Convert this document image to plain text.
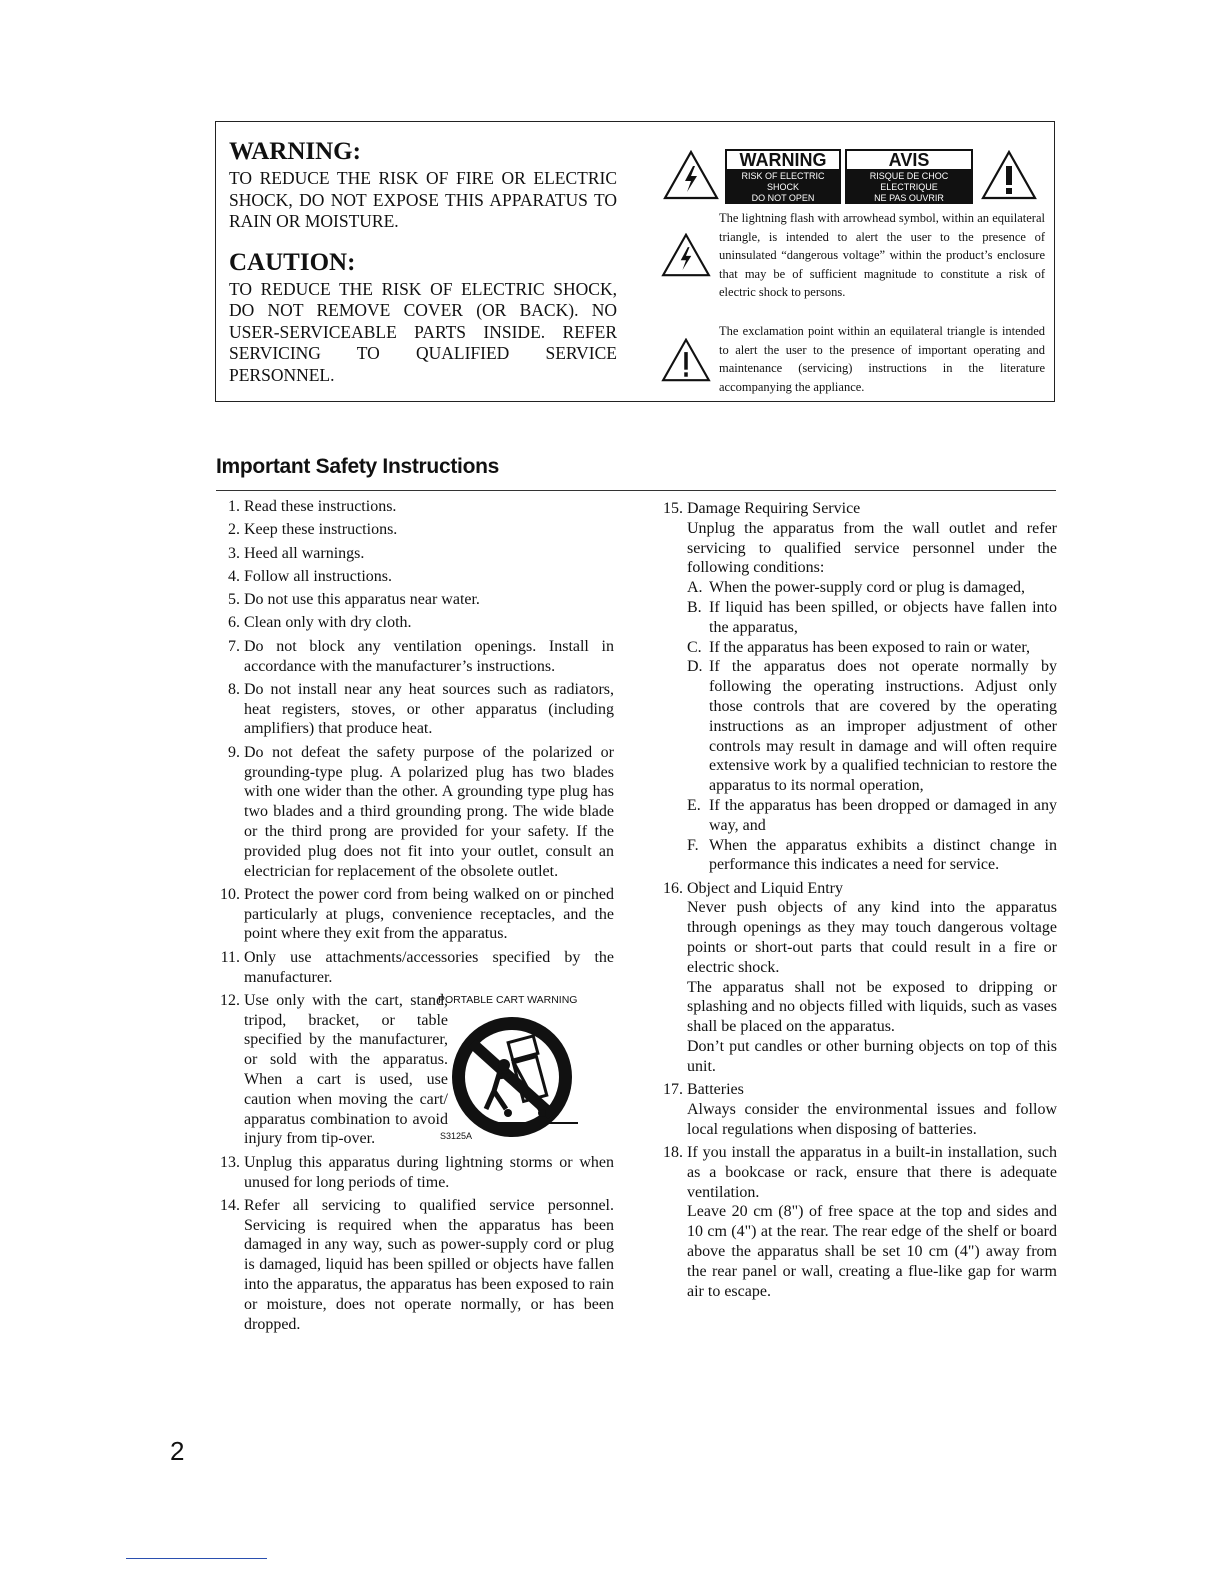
WARNING:

TO REDUCE THE RISK OF FIRE OR ELECTRIC SHOCK, DO NOT EXPOSE THIS APPARATUS TO RAIN OR MOISTURE.

CAUTION:

TO REDUCE THE RISK OF ELECTRIC SHOCK, DO NOT REMOVE COVER (OR BACK). NO USER-SERVICEABLE PARTS INSIDE. REFER SERVICING TO QUALIFIED SERVICE PERSONNEL.

WARNING
RISK OF ELECTRIC SHOCK
DO NOT OPEN
AVIS
RISQUE DE CHOC ELECTRIQUE
NE PAS OUVRIR
The lightning flash with arrowhead symbol, within an equilateral triangle, is intended to alert the user to the presence of uninsulated “dangerous voltage” within the product’s enclosure that may be of sufficient magnitude to constitute a risk of electric shock to persons.
The exclamation point within an equilateral triangle is intended to alert the user to the presence of important operating and maintenance (servicing) instructions in the literature accompanying the appliance.
Important Safety Instructions
1. Read these instructions.
2. Keep these instructions.
3. Heed all warnings.
4. Follow all instructions.
5. Do not use this apparatus near water.
6. Clean only with dry cloth.
7. Do not block any ventilation openings. Install in accordance with the manufacturer’s instructions.
8. Do not install near any heat sources such as radiators, heat registers, stoves, or other apparatus (including amplifiers) that produce heat.
9. Do not defeat the safety purpose of the polarized or grounding-type plug. A polarized plug has two blades with one wider than the other. A grounding type plug has two blades and a third grounding prong. The wide blade or the third prong are provided for your safety. If the provided plug does not fit into your outlet, consult an electrician for replacement of the obsolete outlet.
10. Protect the power cord from being walked on or pinched particularly at plugs, convenience receptacles, and the point where they exit from the apparatus.
11. Only use attachments/accessories specified by the manufacturer.
12. Use only with the cart, stand, tripod, bracket, or table specified by the manufacturer, or sold with the apparatus. When a cart is used, use caution when moving the cart/ apparatus combination to avoid injury from tip-over.
PORTABLE CART WARNING
S3125A
13. Unplug this apparatus during lightning storms or when unused for long periods of time.
14. Refer all servicing to qualified service personnel. Servicing is required when the apparatus has been damaged in any way, such as power-supply cord or plug is damaged, liquid has been spilled or objects have fallen into the apparatus, the apparatus has been exposed to rain or moisture, does not operate normally, or has been dropped.
15. Damage Requiring Service
Unplug the apparatus from the wall outlet and refer servicing to qualified service personnel under the following conditions:
A. When the power-supply cord or plug is damaged,
B. If liquid has been spilled, or objects have fallen into the apparatus,
C. If the apparatus has been exposed to rain or water,
D. If the apparatus does not operate normally by following the operating instructions. Adjust only those controls that are covered by the operating instructions as an improper adjustment of other controls may result in damage and will often require extensive work by a qualified technician to restore the apparatus to its normal operation,
E. If the apparatus has been dropped or damaged in any way, and
F. When the apparatus exhibits a distinct change in performance this indicates a need for service.
16. Object and Liquid Entry
Never push objects of any kind into the apparatus through openings as they may touch dangerous voltage points or short-out parts that could result in a fire or electric shock.
The apparatus shall not be exposed to dripping or splashing and no objects filled with liquids, such as vases shall be placed on the apparatus.
Don’t put candles or other burning objects on top of this unit.
17. Batteries
Always consider the environmental issues and follow local regulations when disposing of batteries.
18. If you install the apparatus in a built-in installation, such as a bookcase or rack, ensure that there is adequate ventilation.
Leave 20 cm (8") of free space at the top and sides and 10 cm (4") at the rear. The rear edge of the shelf or board above the apparatus shall be set 10 cm (4") away from the rear panel or wall, creating a flue-like gap for warm air to escape.
2
